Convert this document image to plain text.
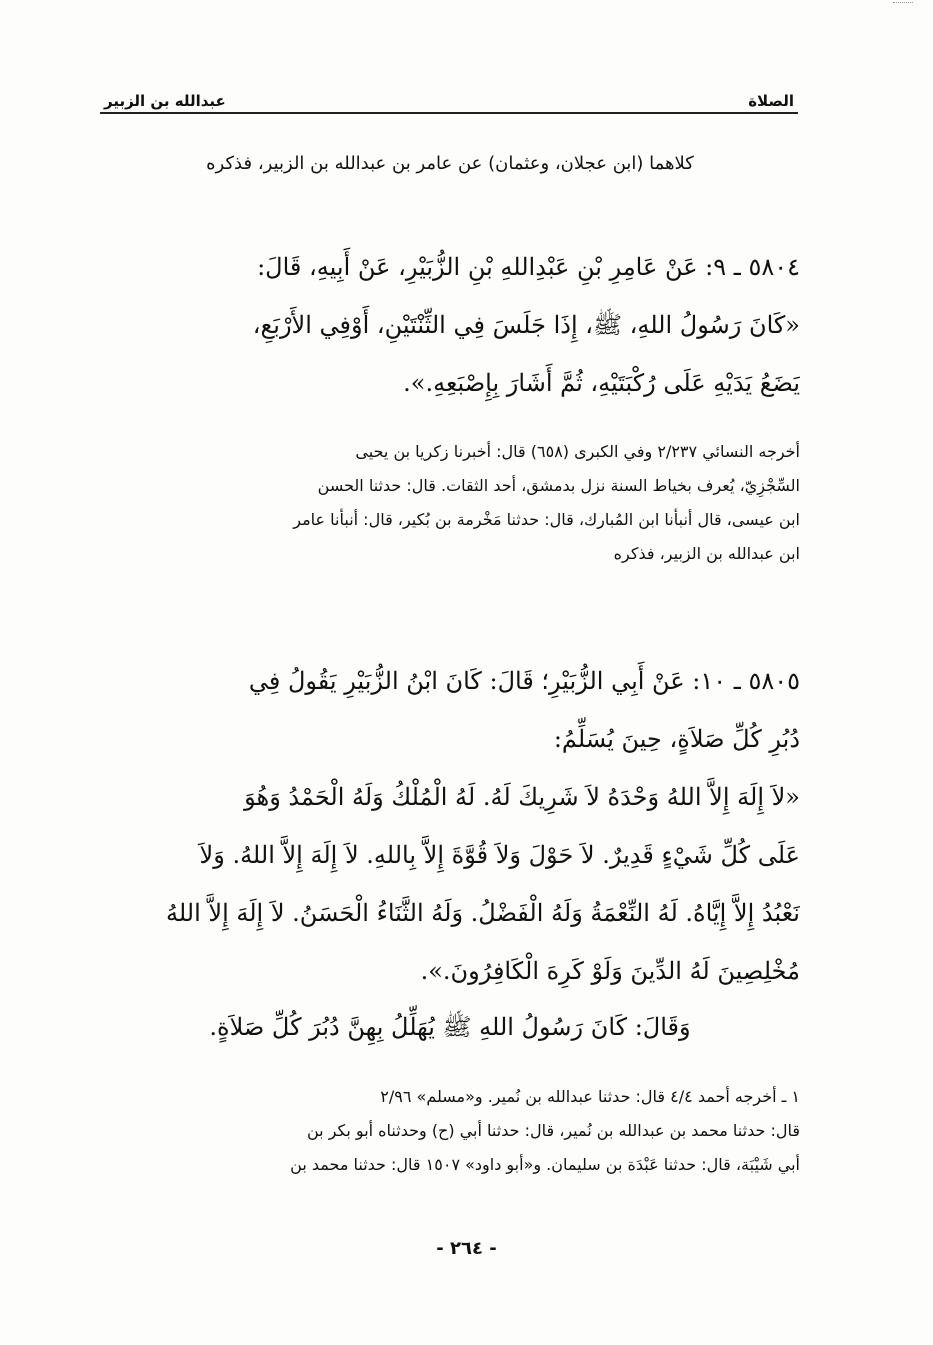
الصلاة
عبدالله بن الزبير
كلاهما (ابن عجلان، وعثمان) عن عامر بن عبدالله بن الزبير، فذكره
٥٨٠٤ ـ ٩: عَنْ عَامِرِ بْنِ عَبْدِاللهِ بْنِ الزُّبَيْرِ، عَنْ أَبِيهِ، قَالَ:
«كَانَ رَسُولُ اللهِ، ﷺ، إِذَا جَلَسَ فِي الثِّنْتَيْنِ، أَوْفِي الأَرْبَعِ،
يَضَعُ يَدَيْهِ عَلَى رُكْبَتَيْهِ، ثُمَّ أَشَارَ بِإِصْبَعِهِ.».
أخرجه النسائي ٢/٢٣٧ وفي الكبرى (٦٥٨) قال: أخبرنا زكريا بن يحيى
السِّجْزِيّ، يُعرف بخياط السنة نزل بدمشق، أحد الثقات. قال: حدثنا الحسن
ابن عيسى، قال أنبأنا ابن المُبارك، قال: حدثنا مَخْرمة بن بُكير، قال: أنبأنا عامر
ابن عبدالله بن الزبير، فذكره
٥٨٠٥ ـ ١٠: عَنْ أَبِي الزُّبَيْرِ؛ قَالَ: كَانَ ابْنُ الزُّبَيْرِ يَقُولُ فِي
دُبُرِ كُلِّ صَلاَةٍ، حِينَ يُسَلِّمُ:
«لاَ إِلَهَ إِلاَّ اللهُ وَحْدَهُ لاَ شَرِيكَ لَهُ. لَهُ الْمُلْكُ وَلَهُ الْحَمْدُ وَهُوَ
عَلَى كُلِّ شَيْءٍ قَدِيرٌ. لاَ حَوْلَ وَلاَ قُوَّةَ إِلاَّ بِاللهِ. لاَ إِلَهَ إِلاَّ اللهُ. وَلاَ
نَعْبُدُ إِلاَّ إِيَّاهُ. لَهُ النِّعْمَةُ وَلَهُ الْفَضْلُ. وَلَهُ الثَّنَاءُ الْحَسَنُ. لاَ إِلَهَ إِلاَّ اللهُ
مُخْلِصِينَ لَهُ الدِّينَ وَلَوْ كَرِهَ الْكَافِرُونَ.».
وَقَالَ: كَانَ رَسُولُ اللهِ ﷺ يُهَلِّلُ بِهِنَّ دُبُرَ كُلِّ صَلاَةٍ.
١ ـ أخرجه أحمد ٤/٤ قال: حدثنا عبدالله بن نُمير. و«مسلم» ٢/٩٦
قال: حدثنا محمد بن عبدالله بن نُمير، قال: حدثنا أبي (ح) وحدثناه أبو بكر بن
أبي شَيْبَة، قال: حدثنا عَبْدَة بن سليمان. و«أبو داود» ١٥٠٧ قال: حدثنا محمد بن
- ٢٦٤ -
